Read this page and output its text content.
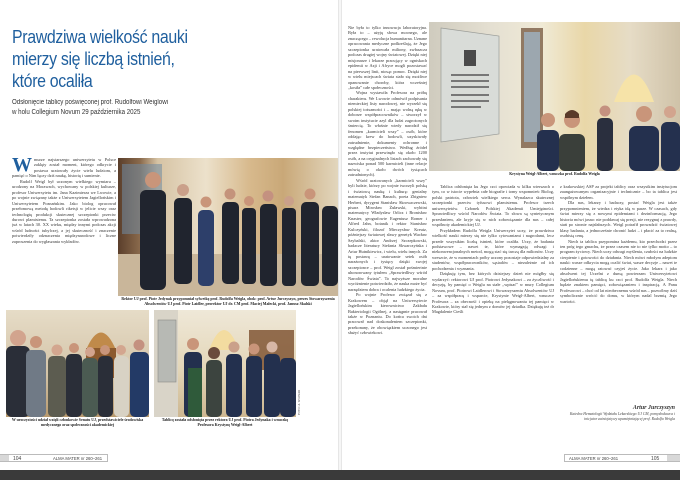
Prawdziwa wielkość nauki
mierzy się liczbą istnień, które ocaliła
Odsłonięcie tablicy poświęconej prof. Rudolfowi Weiglowi
w holu Collegium Novum 29 października 2025

Wmurze najstarszego uniwersytetu w Polsce zaklęty został moment, którego odkrycie i postawa uratowały życie wielu ludziom, a pamięć o Nim łączy dziś naukę, historię i sumienie.

Rudolf Weigl był uczonym wielkiego wymiaru – urodzony na Morawach, wychowany w polskiej kulturze, profesor Uniwersytetu im. Jana Kazimierza we Lwowie, a po wojnie związany także z Uniwersytetem Jagiellońskim i Uniwersytetem Poznańskim. Jako biolog opracował przełomową metodę hodowli riketsji w jelicie wszy oraz technologię produkcji skutecznej szczepionki przeciw durowi plamistemu. Ta szczepionka została wprowadzona już w latach 30. XX wieku, między innymi podczas akcji wśród ludności tubylczej, a jej skuteczność i znaczenie potwierdziły odznaczenia międzynarodowe i liczne zaproszenia do wygłaszania wykładów.

Rektor UJ prof. Piotr Jedynak przypomniał sylwetkę prof. Rudolfa Weigla, obok: prof. Artur Jurczyszyn, prezes Stowarzyszenia Absolwentów UJ prof. Piotr Laidler, prorektor UJ dr. CM prof. Maciej Małecki, prof. Janusz Skalski
W uroczystości udział wzięli członkowie Senatu UJ, przedstawiciele środowiska medycznego oraz społeczności akademickiej
FOTO: A. WOJNAR
Tablicę została odsłonięta przez rektora UJ prof. Piotra Jedynaka i wnuczkę Profesora Krystynę Weigl-Albert
104	ALMA MATER nr 260–261

Nie była to tylko innowacja laboratoryjna. Była to – użyję słowa mocnego, ale znaczącego – rewolucja humanitarna. Uznane opracowania medyczne podkreślają, że Jego szczepionka uratowała miliony, zwłaszcza podczas drugiej wojny światowej. Dzięki niej misjonarze i lekarze pracujący w ogniskach epidemii w Azji i Afryce mogli pozostawać na pierwszej linii, niosąc pomoc. Dzięki niej w wielu miejscach świata stało się możliwe opanowanie choroby, która wcześniej „kosiła” całe społeczności.

Wojna wystawiła Profesora na próbę charakteru. We Lwowie odmówił podpisania niemieckiej listy narodowej, nie wyrzekł się polskiej tożsamości i – mając wolną rękę w doborze współpracowników – stworzył w swoim instytucie azyl dla ludzi zagrożonych śmiercią. To właśnie wtedy narodził się fenomen „karmicieli wszy” – osób, które oddając krew do hodowli, uzyskiwały zatrudnienie, dokumenty ochronne i względne bezpieczeństwo. Według źródeł przez instytut przewinęło się około 1200 osób, a na oryginalnych listach zachowały się nazwiska ponad 500 karmicieli (inne relacje mówią o około dwóch tysiącach zatrudnionych).

Wśród uratowanych „karmicieli wszy” byli ludzie, którzy po wojnie tworzyli polską i światową naukę i kulturę: genialny matematyk Stefan Banach, poeta Zbigniew Herbert, dyrygent Stanisław Skrowaczewski, pisarz Mirosław Żuławski, wybitni matematycy Władysław Orlicz i Bronisław Knaster, geografowie Eugeniusz Romer i Alfred Jahn, botanik i rektor Stanisław Kulczyński, filozof Mieczysław Kreutz, późniejszy światowej sławy genetyk Wacław Szybalski, aktor Andrzej Szczepkowski, badacze literatury Stefania Skwarczyńska i Artur Hutnikiewicz, i wielu, wielu innych. Za tę postawę – uratowanie setek osób narażonych i tysięcy dzięki swojej szczepionce – prof. Weigl został pośmiertnie uhonorowany tytułem „Sprawiedliwy wśród Narodów Świata”. To najwyższe moralne wyróżnienie potwierdziło, że nauka może być narzędziem dobra i ocalenia ludzkiego życia.

Po wojnie Profesor związał się z Krakowem – objął na Uniwersytecie Jagiellońskim kierownictwo Zakładu Bakteriologii Ogólnej, a następnie pracował także w Poznaniu. Do końca swoich dni pracował nad doskonaleniem szczepionki, przekonany, że obowiązkiem uczonego jest służyć człowiekowi.

Krystyna Weigl-Albert, wnuczka prof. Rudolfa Weigla

Tablica odsłonięta ku Jego czci opowiada w kilku wierszach o tym, co w istocie wypełnia całe biografie i tomy wspomnień: Biolog, polski patriota, człowiek wielkiego serca. Wynalazca skutecznej szczepionki przeciw tyfusowi plamistemu. Profesor trzech uniwersytetów. Członek Polskiej Akademii Umiejętności. Sprawiedliwy wśród Narodów Świata. To słowa są syntetycznym przesłaniem, ale kryje się w nich zobowiązanie dla nas – całej wspólnoty akademickiej UJ.

Przykładem Rudolfa Weigla Uniwersytet uczy, że prawdziwa wielkość nauki mierzy się nie tylko cytowaniami i nagrodami, lecz przede wszystkim liczbą istnień, które ocaliła. Uczy, że badania podstawowe – nawet te, które wymagają odwagi i niekonwencjonalnych metod, mogą stać się tarczą dla milionów. Uczy wreszcie, że w momentach próby uczony pozostaje odpowiedzialny za studentów, współpracowników, sąsiadów – niezależnie od ich pochodzenia i wyznania.

Dziękuję tym, bez których dzisiejszy dzień nie mógłby się wydarzyć: rektorowi UJ prof. Piotrowi Jedynakowi – za życzliwość i decyzję, by pamięć o Weiglu na stałe „wpisać” w mury Collegium Novum, prof. Piotrowi Laidlerowi i Stowarzyszeniu Absolwentów UJ – za współpracę i wsparcie, Krystynie Weigl-Albert, wnuczce Profesora – za obecność i opiekę na pielęgnowaniu tej pamięci w Krakowie, który stał się jednym z domów jej dziadka. Dziękuję też dr Magdalenie Cieśli

z krakowskiej ASP za projekt tablicy oraz wszystkim instytucjom zaangażowanym organizacyjnie i technicznie – bo ta tablica jest wspólnym dziełem.

Dla nas, lekarzy i badaczy, postać Weigla jest także przypomnieniem, że wiedza i etyka idą w parze. W czasach, gdy świat mierzy się z nowymi epidemiami i dezinformacją, Jego historia mówi jasno: nie poddawaj się presji, nie rezygnuj z prawdy, stań po stronie najsłabszych. Weigl potrafił prowadzić światowej klasy badania, a jednocześnie chronić ludzi – i płacić za to realną, osobistą cenę.

Niech ta tablica przypomina każdemu, kto przechodzi przez ten próg tego gmachu, że przez czasem nie to nie tylko motto – to program życiowy. Niech uczy odwagi myślenia, czułości na ludzkie cierpienie i gotowości do działania. Niech mówi młodym adeptom nauki: wasze odkrycia mogą ocalić świat, wasze decyzje – nawet te codzienne – mogą ratować czyjeś życie. Jako lekarz i jako absolwent tej Uczelni z dumą powierzam Uniwersytetowi Jagiellońskiemu tę tablicę ku czci prof. Rudolfa Weigla. Niech będzie znakiem pamięci, zobowiązaniem i inspiracją. A Panu Profesorowi – choć od lat nieobecnemu wśród nas – pozwólmy dziś symbolicznie wrócić do domu, w którym nadal brzmią Jego wartości.

Artur Jurczyszyn
Katedra Hematologii Wydziału Lekarskiego UJ CM, pomysłodawca i inicjator zainicjatywy upamiętniającej prof. Rudolfa Weigla
ALMA MATER nr 260–261	105
